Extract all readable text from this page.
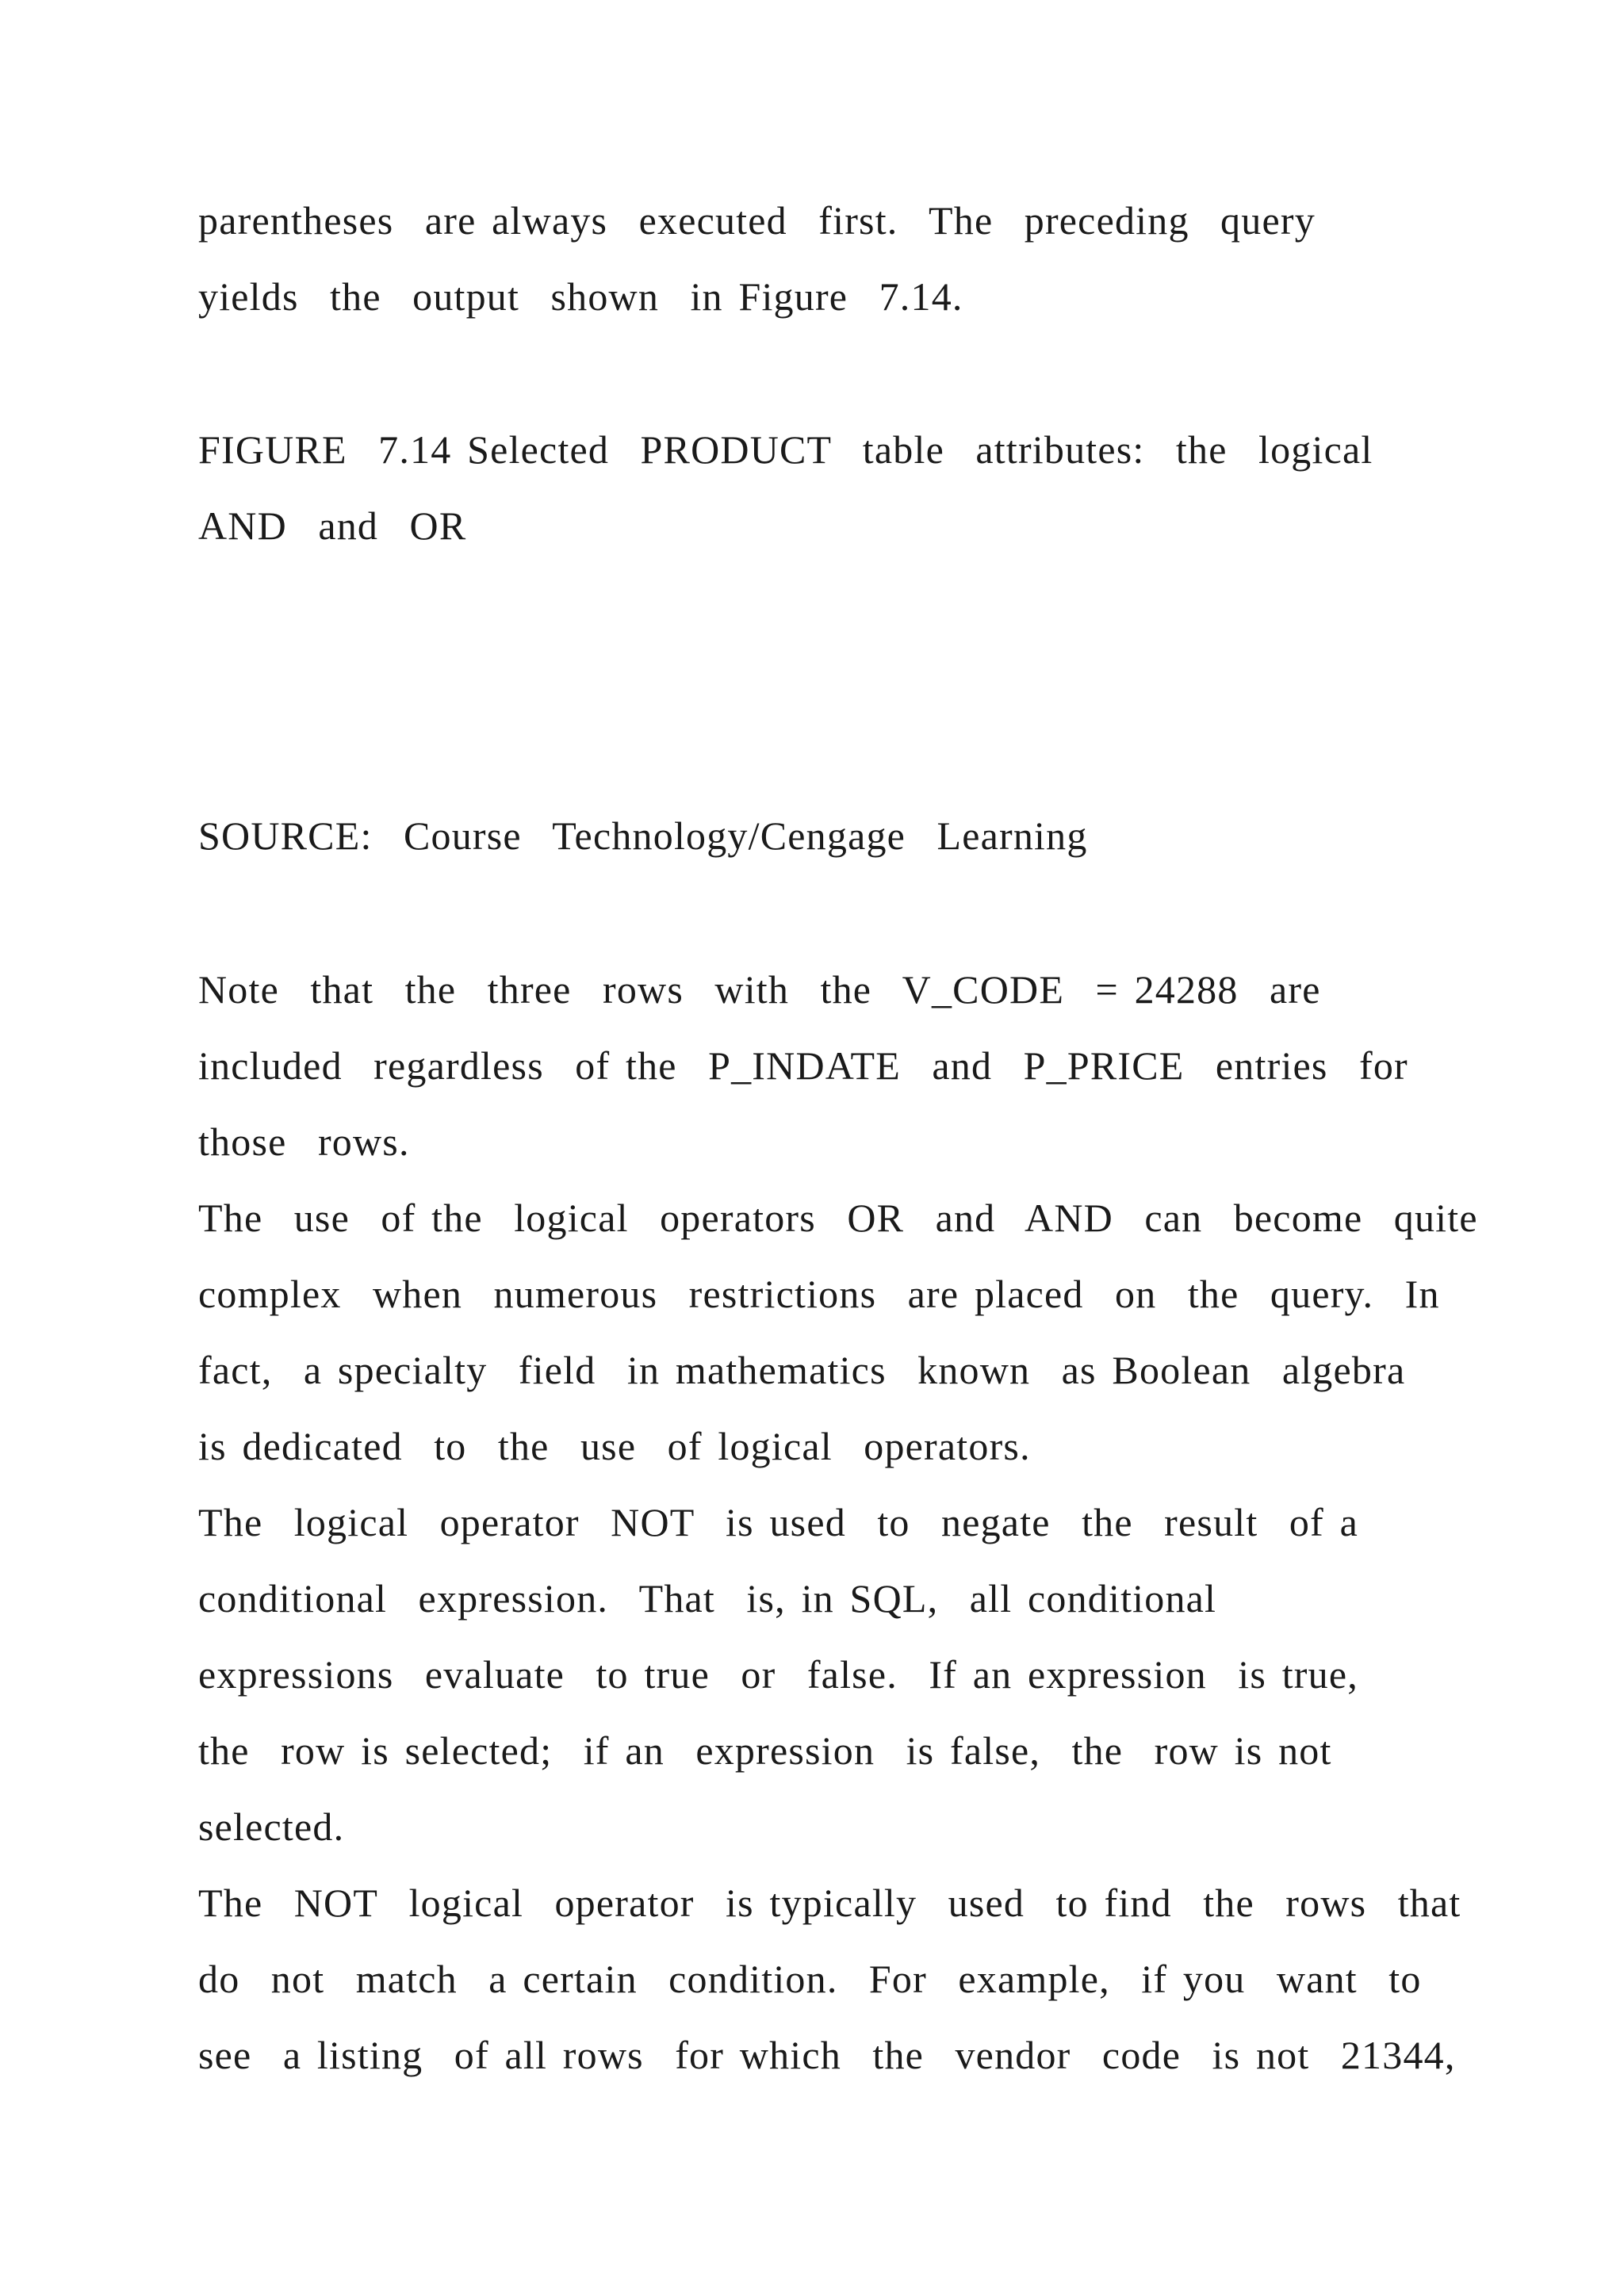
parentheses  are always  executed  first.  The  preceding  query
yields  the  output  shown  in Figure  7.14.
FIGURE  7.14 Selected  PRODUCT  table  attributes:  the  logical
AND  and  OR
SOURCE:  Course  Technology/Cengage  Learning
Note  that  the  three  rows  with  the  V_CODE  = 24288  are
included  regardless  of the  P_INDATE  and  P_PRICE  entries  for
those  rows.
The  use  of the  logical  operators  OR  and  AND  can  become  quite
complex  when  numerous  restrictions  are placed  on  the  query.  In
fact,  a specialty  field  in mathematics  known  as Boolean  algebra
is dedicated  to  the  use  of logical  operators.
The  logical  operator  NOT  is used  to  negate  the  result  of a
conditional  expression.  That  is, in SQL,  all conditional
expressions  evaluate  to true  or  false.  If an expression  is true,
the  row is selected;  if an  expression  is false,  the  row is not
selected.
The  NOT  logical  operator  is typically  used  to find  the  rows  that
do  not  match  a certain  condition.  For  example,  if you  want  to
see  a listing  of all rows  for which  the  vendor  code  is not  21344,
